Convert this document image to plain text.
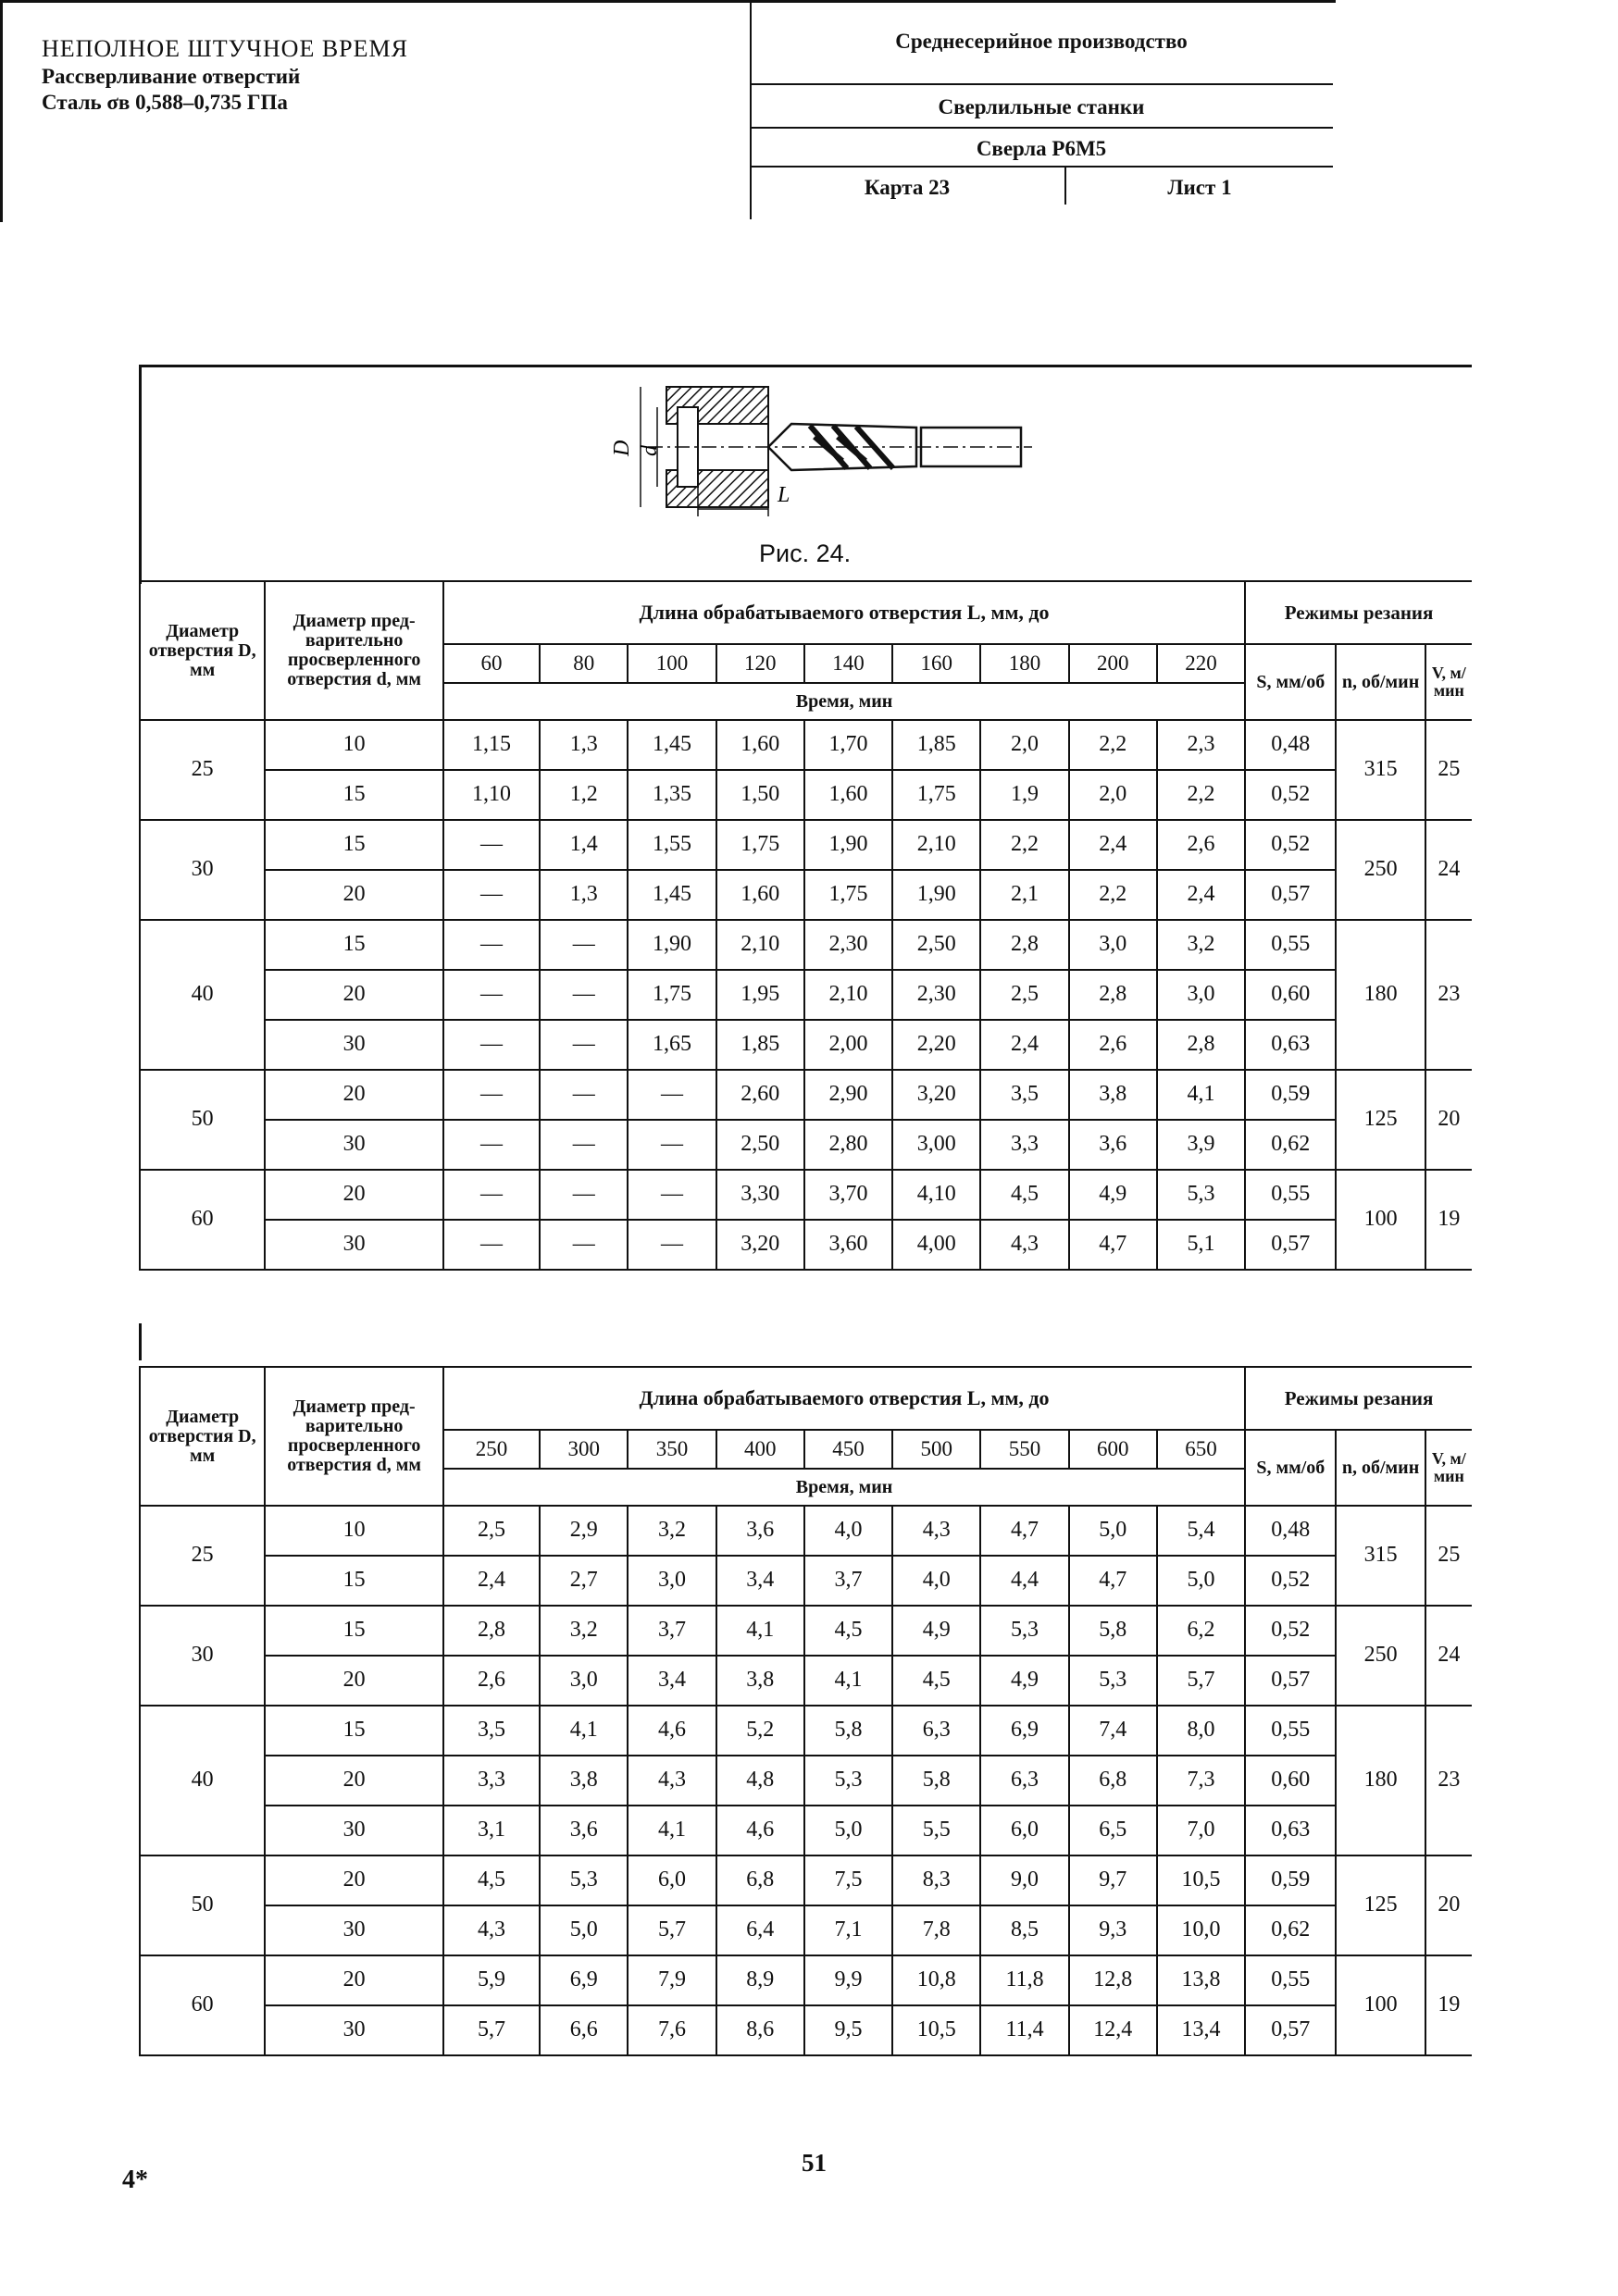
НЕПОЛНОЕ ШТУЧНОЕ ВРЕМЯ
Рассверливание отверстий
Сталь σв 0,588–0,735 ГПа
Среднесерийное производство
Сверлильные станки
Сверла Р6М5
Карта 23	Лист 1
D d
L
Рис. 24.
Диаметр отверстия D, мм	Диаметр пред-варительно просверленного отверстия d, мм	Длина обрабатываемого отверстия L, мм, до									Режимы резания		
		60	80	100	120	140	160	180	200	220	S, мм/об	n, об/мин	V, м/мин
		Время, мин											
25	10	1,15	1,3	1,45	1,60	1,70	1,85	2,0	2,2	2,3	0,48	315	25
	15	1,10	1,2	1,35	1,50	1,60	1,75	1,9	2,0	2,2	0,52		
30	15	—	1,4	1,55	1,75	1,90	2,10	2,2	2,4	2,6	0,52	250	24
	20	—	1,3	1,45	1,60	1,75	1,90	2,1	2,2	2,4	0,57		
40	15	—	—	1,90	2,10	2,30	2,50	2,8	3,0	3,2	0,55	180	23
	20	—	—	1,75	1,95	2,10	2,30	2,5	2,8	3,0	0,60		
	30	—	—	1,65	1,85	2,00	2,20	2,4	2,6	2,8	0,63		
50	20	—	—	—	2,60	2,90	3,20	3,5	3,8	4,1	0,59	125	20
	30	—	—	—	2,50	2,80	3,00	3,3	3,6	3,9	0,62		
60	20	—	—	—	3,30	3,70	4,10	4,5	4,9	5,3	0,55	100	19
	30	—	—	—	3,20	3,60	4,00	4,3	4,7	5,1	0,57		
Диаметр отверстия D, мм	Диаметр пред-варительно просверленного отверстия d, мм	Длина обрабатываемого отверстия L, мм, до									Режимы резания		
		250	300	350	400	450	500	550	600	650	S, мм/об	n, об/мин	V, м/мин
		Время, мин											
25	10	2,5	2,9	3,2	3,6	4,0	4,3	4,7	5,0	5,4	0,48	315	25
	15	2,4	2,7	3,0	3,4	3,7	4,0	4,4	4,7	5,0	0,52		
30	15	2,8	3,2	3,7	4,1	4,5	4,9	5,3	5,8	6,2	0,52	250	24
	20	2,6	3,0	3,4	3,8	4,1	4,5	4,9	5,3	5,7	0,57		
40	15	3,5	4,1	4,6	5,2	5,8	6,3	6,9	7,4	8,0	0,55	180	23
	20	3,3	3,8	4,3	4,8	5,3	5,8	6,3	6,8	7,3	0,60		
	30	3,1	3,6	4,1	4,6	5,0	5,5	6,0	6,5	7,0	0,63		
50	20	4,5	5,3	6,0	6,8	7,5	8,3	9,0	9,7	10,5	0,59	125	20
	30	4,3	5,0	5,7	6,4	7,1	7,8	8,5	9,3	10,0	0,62		
60	20	5,9	6,9	7,9	8,9	9,9	10,8	11,8	12,8	13,8	0,55	100	19
	30	5,7	6,6	7,6	8,6	9,5	10,5	11,4	12,4	13,4	0,57		
4*
51
